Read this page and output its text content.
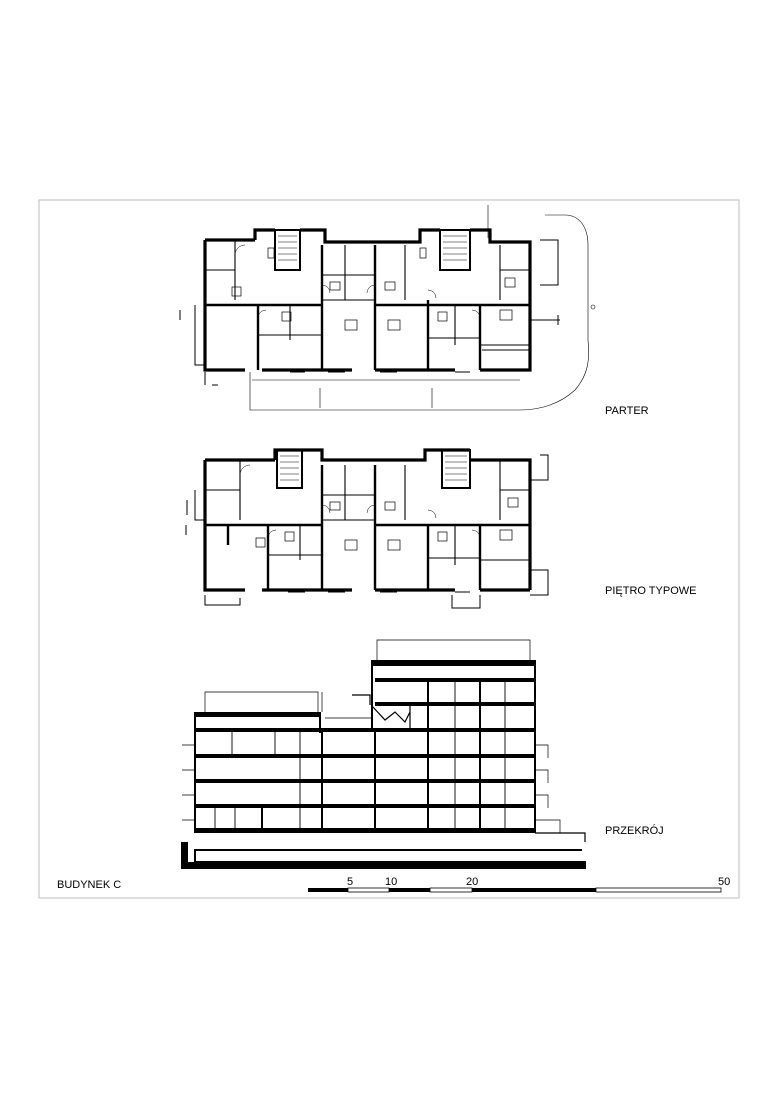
PARTER
PIĘTRO TYPOWE
PRZEKRÓJ
BUDYNEK C	5	10	20	50
